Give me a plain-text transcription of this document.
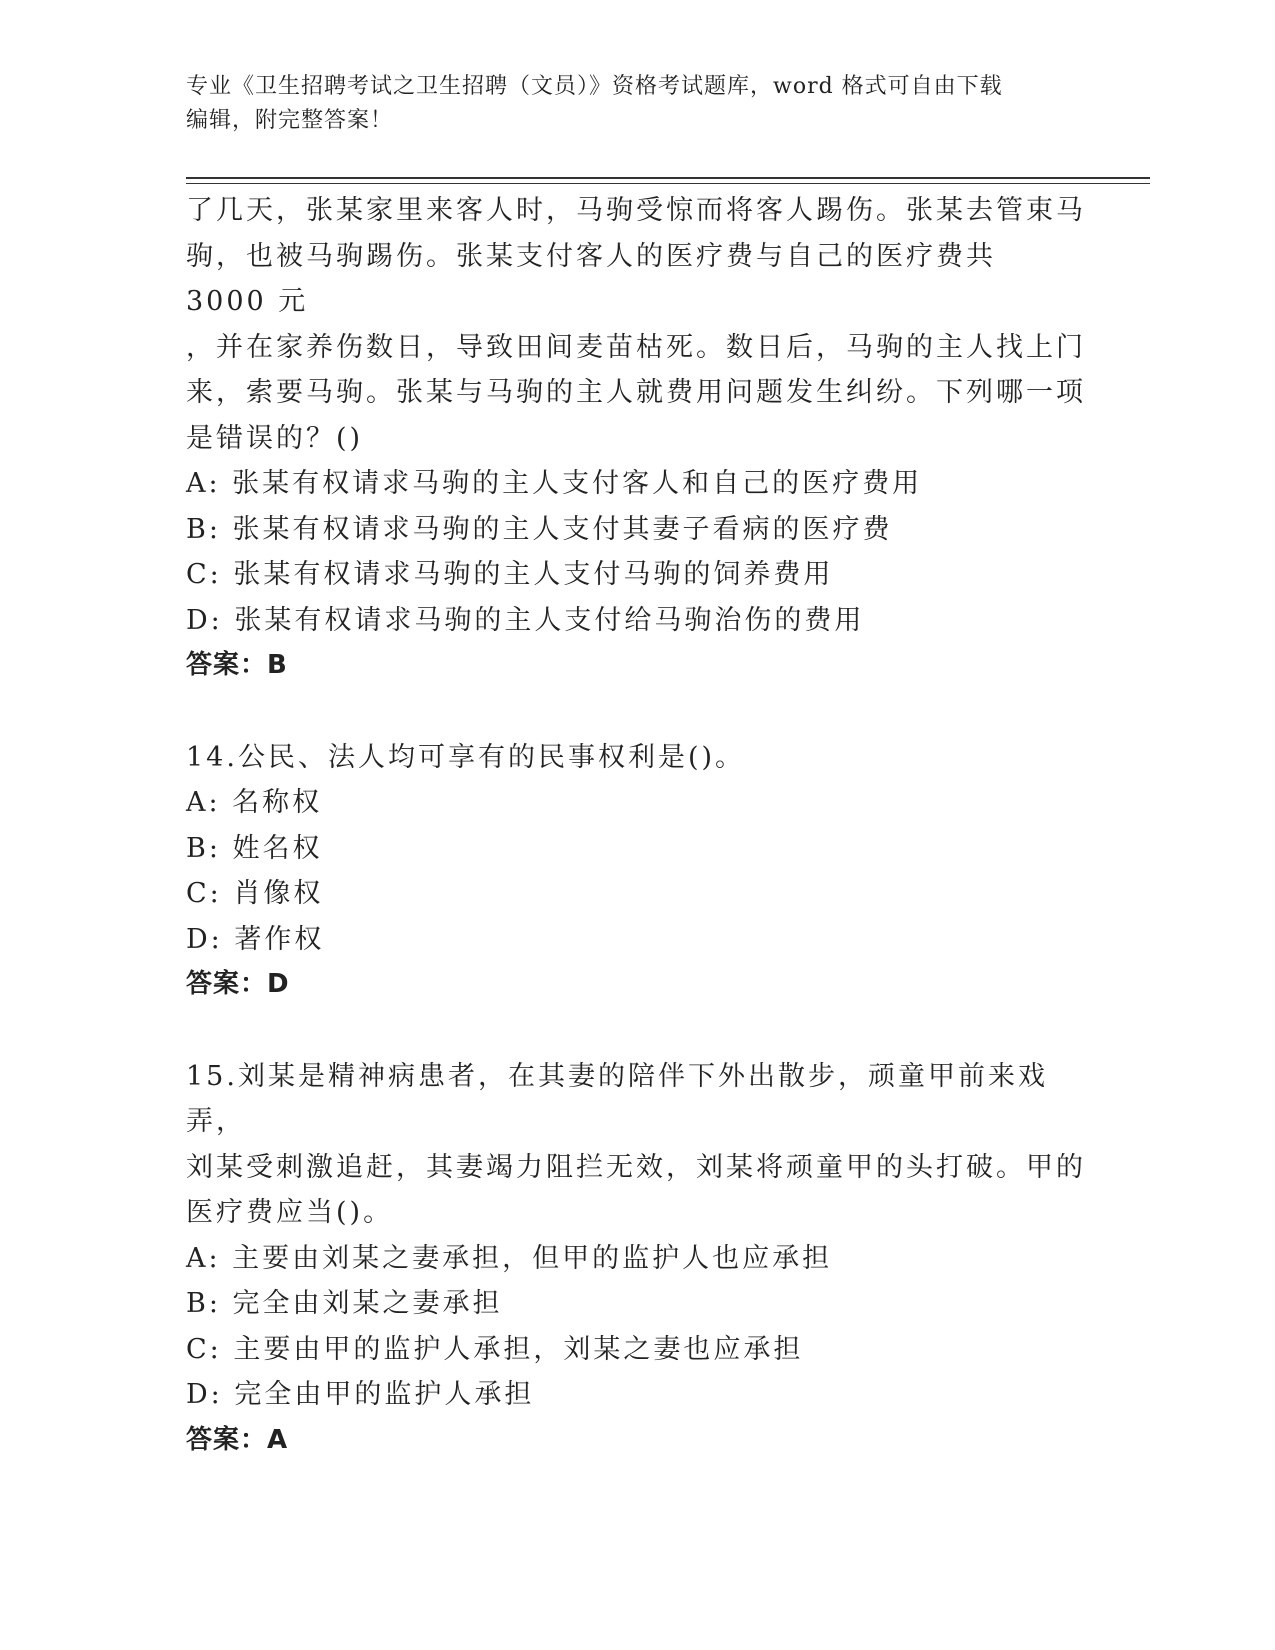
专业《卫生招聘考试之卫生招聘（文员）》资格考试题库，word 格式可自由下载
编辑，附完整答案！

了几天，张某家里来客人时，马驹受惊而将客人踢伤。张某去管束马

驹，也被马驹踢伤。张某支付客人的医疗费与自己的医疗费共 3000 元

，并在家养伤数日，导致田间麦苗枯死。数日后，马驹的主人找上门

来，索要马驹。张某与马驹的主人就费用问题发生纠纷。下列哪一项

是错误的？()

A: 张某有权请求马驹的主人支付客人和自己的医疗费用

B: 张某有权请求马驹的主人支付其妻子看病的医疗费

C: 张某有权请求马驹的主人支付马驹的饲养费用

D: 张某有权请求马驹的主人支付给马驹治伤的费用

答案：B

14.公民、法人均可享有的民事权利是()。

A: 名称权

B: 姓名权

C: 肖像权

D: 著作权

答案：D

15.刘某是精神病患者，在其妻的陪伴下外出散步，顽童甲前来戏弄，

刘某受刺激追赶，其妻竭力阻拦无效，刘某将顽童甲的头打破。甲的

医疗费应当()。

A: 主要由刘某之妻承担，但甲的监护人也应承担

B: 完全由刘某之妻承担

C: 主要由甲的监护人承担，刘某之妻也应承担

D: 完全由甲的监护人承担

答案：A
